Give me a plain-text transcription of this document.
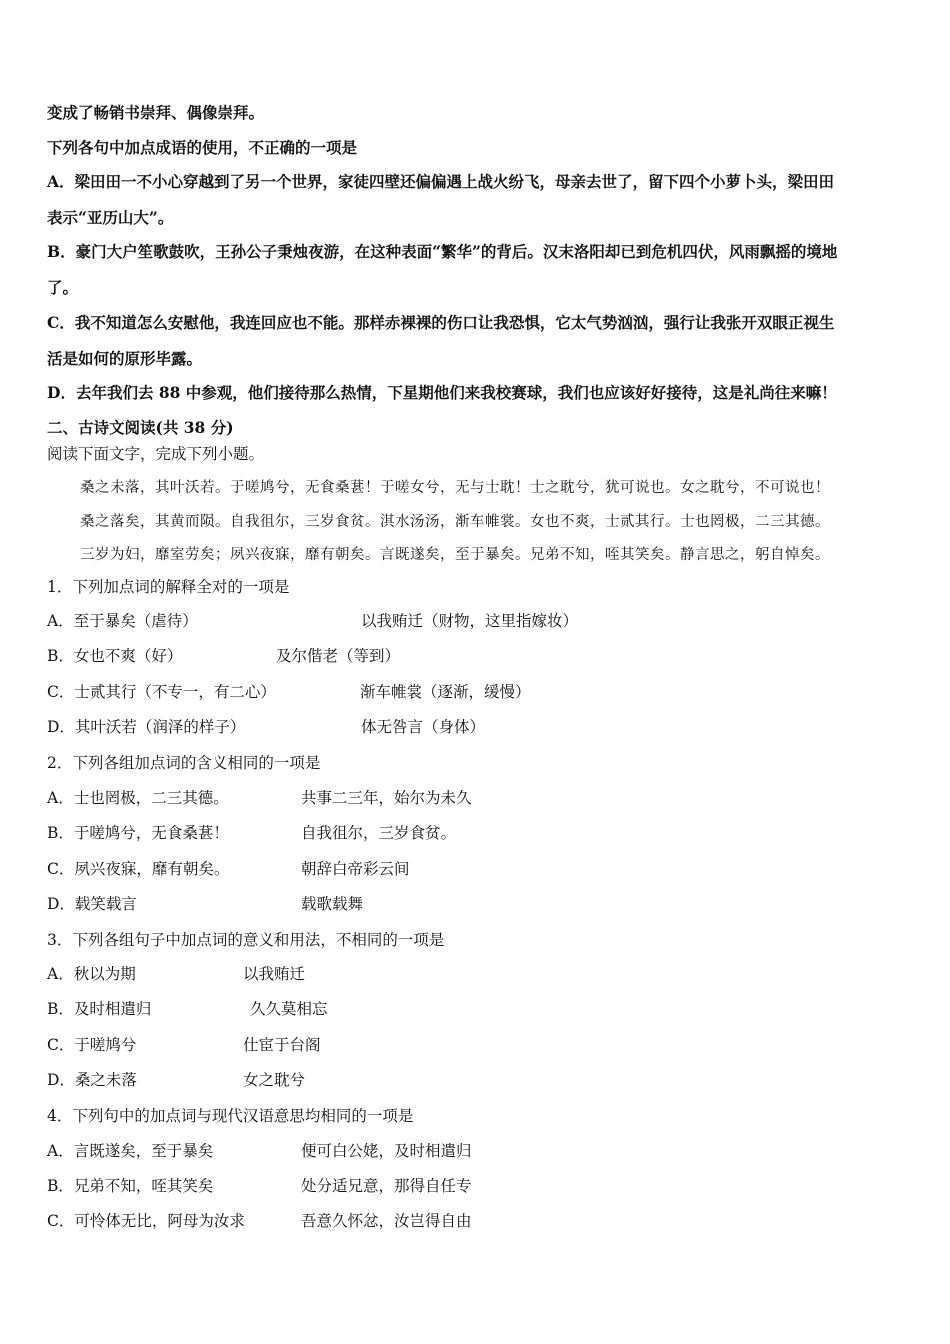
变成了畅销书崇拜、偶像崇拜。
下列各句中加点成语的使用，不正确的一项是
A．梁田田一不小心穿越到了另一个世界，家徒四壁还偏偏遇上战火纷飞，母亲去世了，留下四个小萝卜头，梁田田
表示“亚历山大”。
B．豪门大户笙歌鼓吹，王孙公子秉烛夜游，在这种表面“繁华”的背后。汉末洛阳却已到危机四伏，风雨飘摇的境地
了。
C．我不知道怎么安慰他，我连回应也不能。那样赤裸裸的伤口让我恐惧，它太气势汹汹，强行让我张开双眼正视生
活是如何的原形毕露。
D．去年我们去 88 中参观，他们接待那么热情，下星期他们来我校赛球，我们也应该好好接待，这是礼尚往来嘛！
二、古诗文阅读(共 38 分)
阅读下面文字，完成下列小题。
桑之未落，其叶沃若。于嗟鸠兮，无食桑葚！于嗟女兮，无与士耽！士之耽兮，犹可说也。女之耽兮，不可说也！
桑之落矣，其黄而陨。自我徂尔，三岁食贫。淇水汤汤，渐车帷裳。女也不爽，士贰其行。士也罔极，二三其德。
三岁为妇，靡室劳矣；夙兴夜寐，靡有朝矣。言既遂矣，至于暴矣。兄弟不知，咥其笑矣。静言思之，躬自悼矣。
1．下列加点词的解释全对的一项是
A．至于暴矣（虐待）	以我贿迁（财物，这里指嫁妆）
B．女也不爽（好）	及尔偕老（等到）
C．士贰其行（不专一，有二心）	渐车帷裳（逐渐，缓慢）
D．其叶沃若（润泽的样子）	体无咎言（身体）
2．下列各组加点词的含义相同的一项是
A．士也罔极，二三其德。	共事二三年，始尔为未久
B．于嗟鸠兮，无食桑葚！	自我徂尔，三岁食贫。
C．夙兴夜寐，靡有朝矣。	朝辞白帝彩云间
D．载笑载言	载歌载舞
3．下列各组句子中加点词的意义和用法，不相同的一项是
A．秋以为期	以我贿迁
B．及时相遣归	久久莫相忘
C．于嗟鸠兮	仕宦于台阁
D．桑之未落	女之耽兮
4．下列句中的加点词与现代汉语意思均相同的一项是
A．言既遂矣，至于暴矣	便可白公姥，及时相遣归
B．兄弟不知，咥其笑矣	处分适兄意，那得自任专
C．可怜体无比，阿母为汝求	吾意久怀忿，汝岂得自由
